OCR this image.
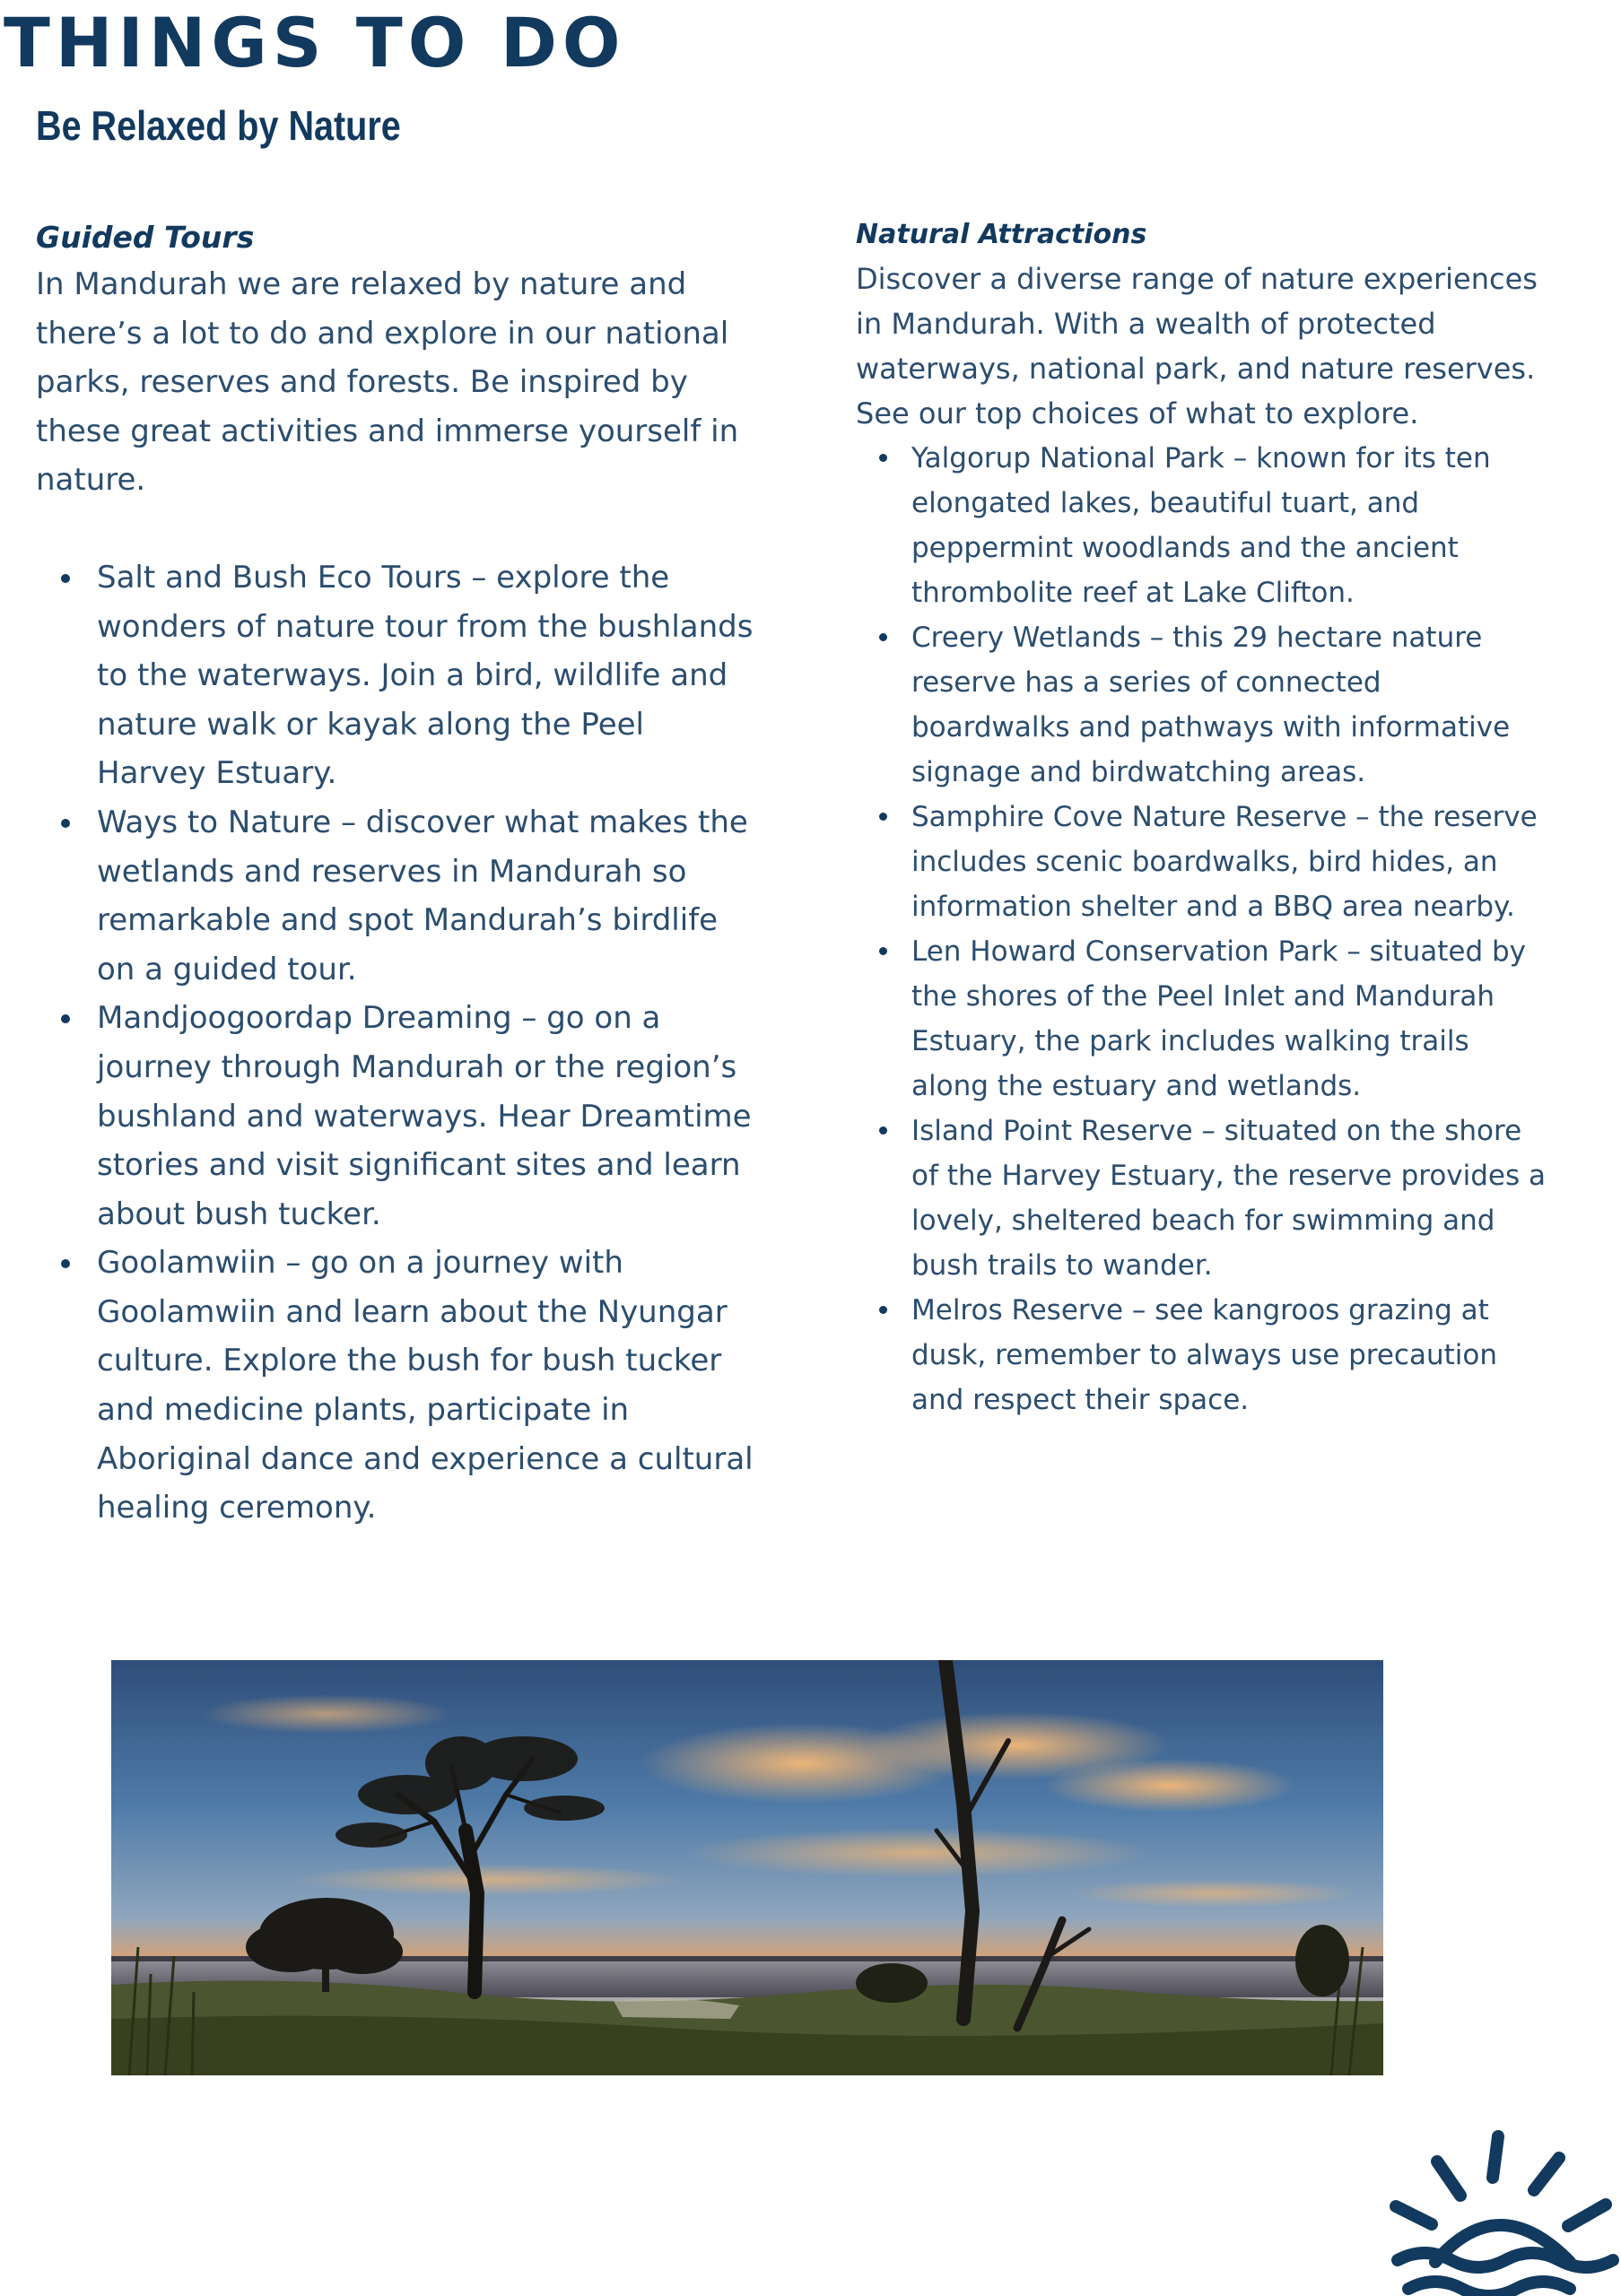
THINGS TO DO
Be Relaxed by Nature
Guided Tours

In Mandurah we are relaxed by nature and there’s a lot to do and explore in our national parks, reserves and forests. Be inspired by these great activities and immerse yourself in nature.

Salt and Bush Eco Tours – explore the wonders of nature tour from the bushlands to the waterways. Join a bird, wildlife and nature walk or kayak along the Peel Harvey Estuary.
Ways to Nature – discover what makes the wetlands and reserves in Mandurah so remarkable and spot Mandurah’s birdlife on a guided tour.
Mandjoogoordap Dreaming – go on a journey through Mandurah or the region’s bushland and waterways. Hear Dreamtime stories and visit significant sites and learn about bush tucker.
Goolamwiin – go on a journey with Goolamwiin and learn about the Nyungar culture. Explore the bush for bush tucker and medicine plants, participate in Aboriginal dance and experience a cultural healing ceremony.
Natural Attractions

Discover a diverse range of nature experiences in Mandurah. With a wealth of protected waterways, national park, and nature reserves. See our top choices of what to explore.

Yalgorup National Park – known for its ten elongated lakes, beautiful tuart, and peppermint woodlands and the ancient thrombolite reef at Lake Clifton.
Creery Wetlands – this 29 hectare nature reserve has a series of connected boardwalks and pathways with informative signage and birdwatching areas.
Samphire Cove Nature Reserve – the reserve includes scenic boardwalks, bird hides, an information shelter and a BBQ area nearby.
Len Howard Conservation Park – situated by the shores of the Peel Inlet and Mandurah Estuary, the park includes walking trails along the estuary and wetlands.
Island Point Reserve – situated on the shore of the Harvey Estuary, the reserve provides a lovely, sheltered beach for swimming and bush trails to wander.
Melros Reserve – see kangroos grazing at dusk, remember to always use precaution and respect their space.
